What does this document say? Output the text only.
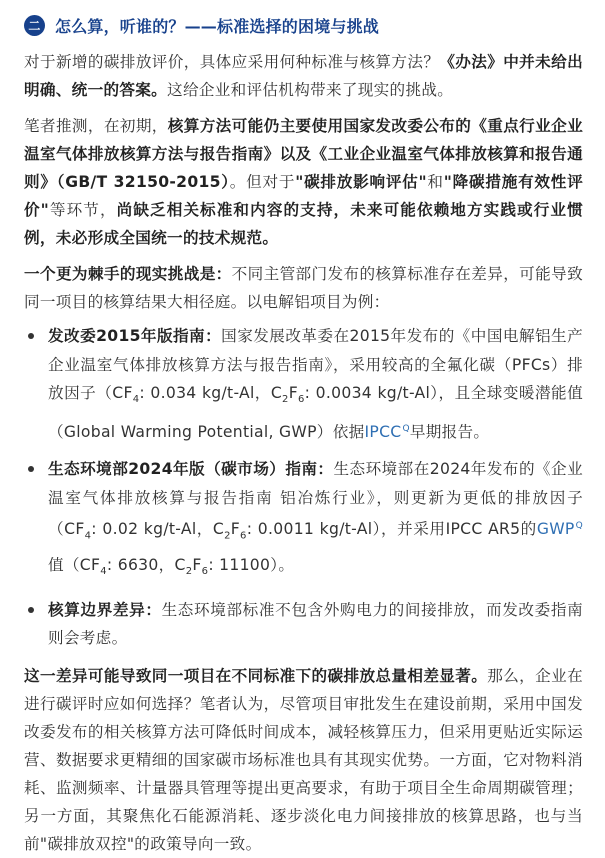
二 怎么算，听谁的？——标准选择的困境与挑战

对于新增的碳排放评价，具体应采用何种标准与核算方法？《办法》中并未给出明确、统一的答案。这给企业和评估机构带来了现实的挑战。

笔者推测，在初期，核算方法可能仍主要使用国家发改委公布的《重点行业企业温室气体排放核算方法与报告指南》以及《工业企业温室气体排放核算和报告通则》（GB/T 32150-2015）。但对于"碳排放影响评估"和"降碳措施有效性评价"等环节，尚缺乏相关标准和内容的支持，未来可能依赖地方实践或行业惯例，未必形成全国统一的技术规范。

一个更为棘手的现实挑战是：不同主管部门发布的核算标准存在差异，可能导致同一项目的核算结果大相径庭。以电解铝项目为例：

发改委2015年版指南：国家发展改革委在2015年发布的《中国电解铝生产企业温室气体排放核算方法与报告指南》，采用较高的全氟化碳（PFCs）排放因子（$CF_4$: 0.034 kg/t-Al，$C_2F_6$: 0.0034 kg/t-Al），且全球变暖潜能值（Global Warming Potential, GWP）依据$IPCC^Q$早期报告。

生态环境部2024年版（碳市场）指南：生态环境部在2024年发布的《企业温室气体排放核算与报告指南 铝冶炼行业》，则更新为更低的排放因子（$CF_4$: 0.02 kg/t-Al，$C_2F_6$: 0.0011 kg/t-Al），并采用IPCC AR5的$GWP^Q$值（$CF_4$: 6630，$C_2F_6$: 11100）。

核算边界差异：生态环境部标准不包含外购电力的间接排放，而发改委指南则会考虑。

这一差异可能导致同一项目在不同标准下的碳排放总量相差显著。那么，企业在进行碳评时应如何选择？笔者认为，尽管项目审批发生在建设前期，采用中国发改委发布的相关核算方法可降低时间成本，减轻核算压力，但采用更贴近实际运营、数据要求更精细的国家碳市场标准也具有其现实优势。一方面，它对物料消耗、监测频率、计量器具管理等提出更高要求，有助于项目全生命周期碳管理；另一方面，其聚焦化石能源消耗、逐步淡化电力间接排放的核算思路，也与当前"碳排放双控"的政策导向一致。
